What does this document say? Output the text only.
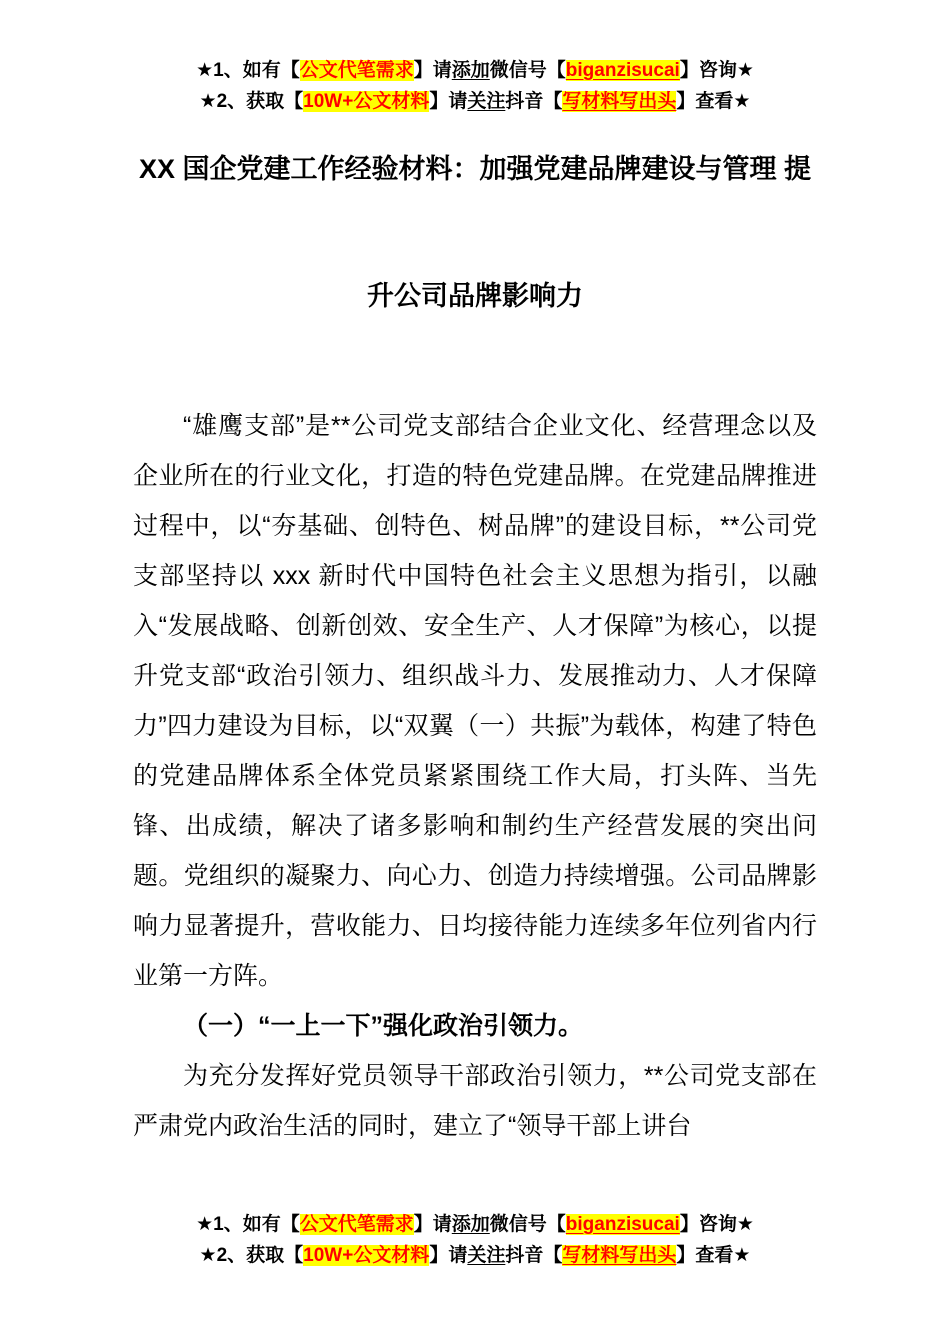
★1、如有【公文代笔需求】请添加微信号【biganzisucai】咨询★

★2、获取【10W+公文材料】请关注抖音【写材料写出头】查看★

XX 国企党建工作经验材料：加强党建品牌建设与管理 提
升公司品牌影响力

“雄鹰支部”是**公司党支部结合企业文化、经营理念以及企业所在的行业文化，打造的特色党建品牌。在党建品牌推进过程中，以“夯基础、创特色、树品牌”的建设目标，**公司党支部坚持以 xxx 新时代中国特色社会主义思想为指引，以融入“发展战略、创新创效、安全生产、人才保障”为核心，以提升党支部“政治引领力、组织战斗力、发展推动力、人才保障力”四力建设为目标，以“双翼（一）共振”为载体，构建了特色的党建品牌体系全体党员紧紧围绕工作大局，打头阵、当先锋、出成绩，解决了诸多影响和制约生产经营发展的突出问题。党组织的凝聚力、向心力、创造力持续增强。公司品牌影响力显著提升，营收能力、日均接待能力连续多年位列省内行业第一方阵。

（一）“一上一下”强化政治引领力。

为充分发挥好党员领导干部政治引领力，**公司党支部在严肃党内政治生活的同时，建立了“领导干部上讲台

★1、如有【公文代笔需求】请添加微信号【biganzisucai】咨询★

★2、获取【10W+公文材料】请关注抖音【写材料写出头】查看★
